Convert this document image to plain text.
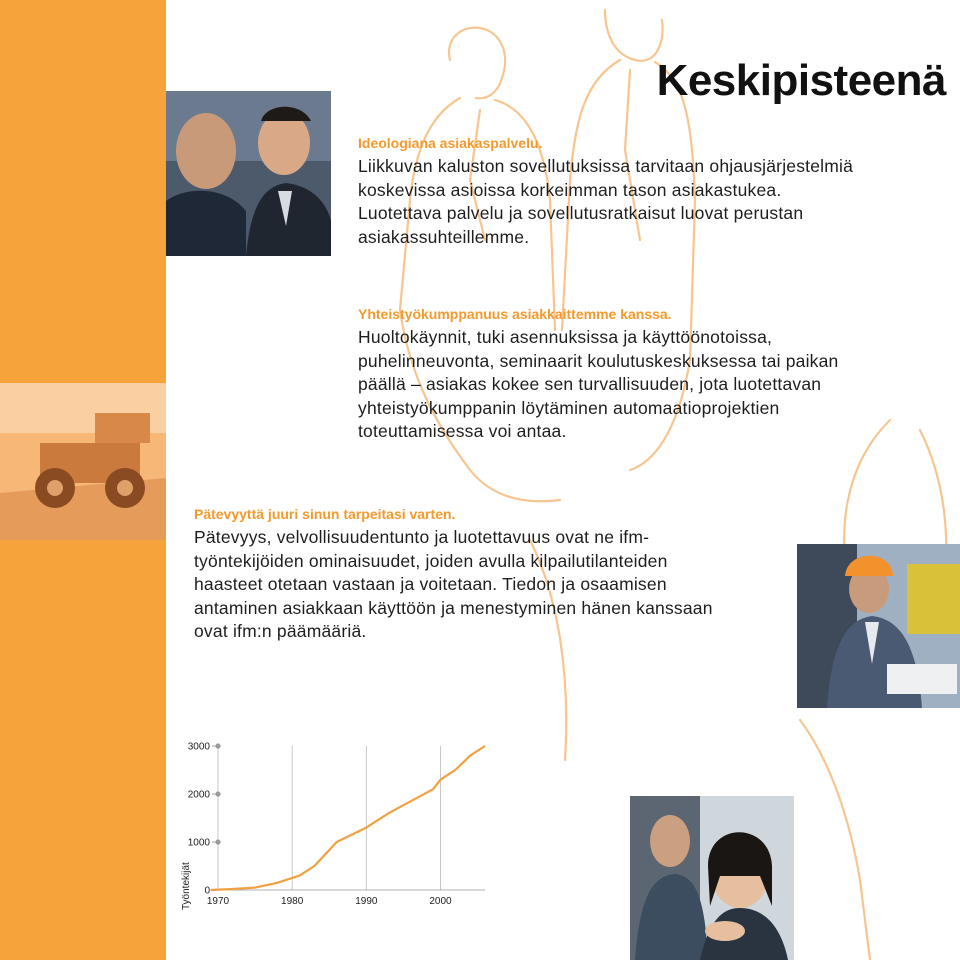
Keskipisteenä
Ideologiana asiakaspalvelu.

Liikkuvan kaluston sovellutuksissa tarvitaan ohjausjärjestelmiä koskevissa asioissa korkeimman tason asiakastukea. Luotettava palvelu ja sovellutusratkaisut luovat perustan asiakassuhteillemme.

Yhteistyökumppanuus asiakkaittemme kanssa.

Huoltokäynnit, tuki asennuksissa ja käyttöönotoissa, puhelinneuvonta, seminaarit koulutuskeskuksessa tai paikan päällä – asiakas kokee sen turvallisuuden, jota luotettavan yhteistyökumppanin löytäminen automaatioprojektien toteuttamisessa voi antaa.

Pätevyyttä juuri sinun tarpeitasi varten.

Pätevyys, velvollisuudentunto ja luotettavuus ovat ne ifm-työntekijöiden ominaisuudet, joiden avulla kilpailutilanteiden haasteet otetaan vastaan ja voitetaan. Tiedon ja osaamisen antaminen asiakkaan käyttöön ja menestyminen hänen kanssaan ovat ifm:n päämääriä.

1970	1980	1990	2000
0
1000
2000
3000
Työntekijät
